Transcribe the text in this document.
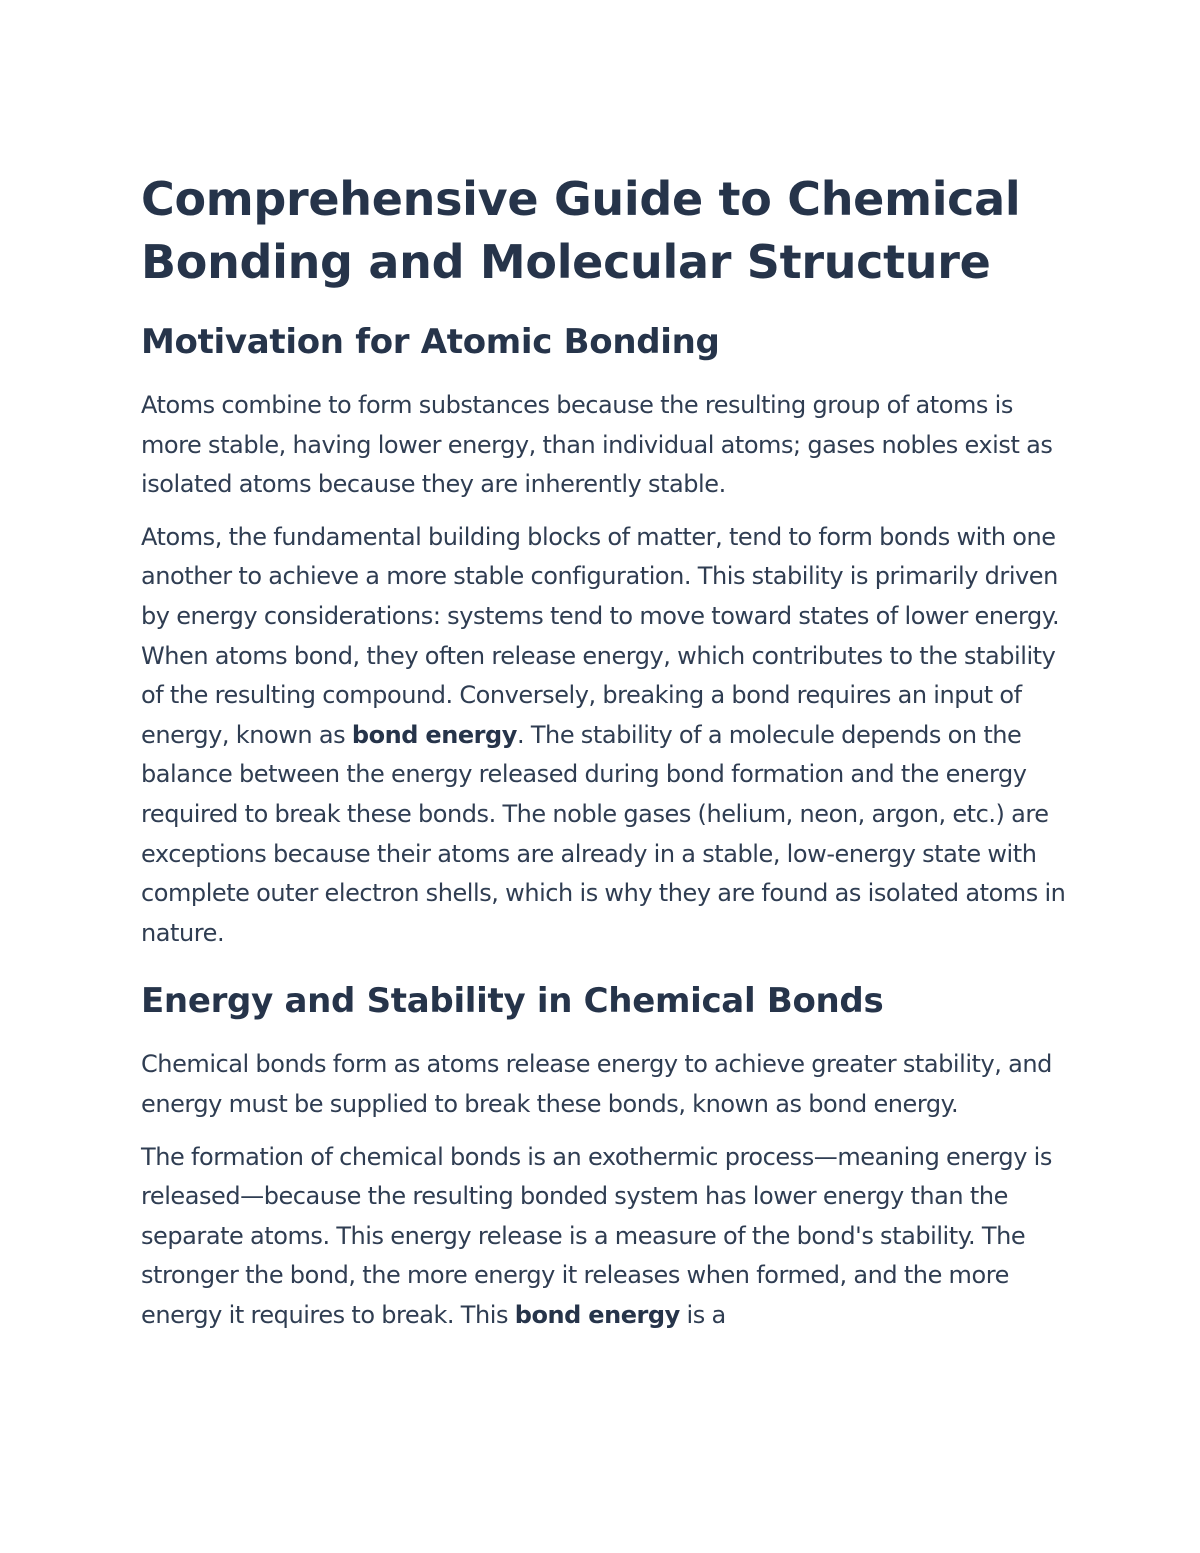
Comprehensive Guide to Chemical Bonding and Molecular Structure
Motivation for Atomic Bonding

Atoms combine to form substances because the resulting group of atoms is more stable, having lower energy, than individual atoms; gases nobles exist as isolated atoms because they are inherently stable.

Atoms, the fundamental building blocks of matter, tend to form bonds with one another to achieve a more stable configuration. This stability is primarily driven by energy considerations: systems tend to move toward states of lower energy. When atoms bond, they often release energy, which contributes to the stability of the resulting compound. Conversely, breaking a bond requires an input of energy, known as bond energy. The stability of a molecule depends on the balance between the energy released during bond formation and the energy required to break these bonds. The noble gases (helium, neon, argon, etc.) are exceptions because their atoms are already in a stable, low-energy state with complete outer electron shells, which is why they are found as isolated atoms in nature.

Energy and Stability in Chemical Bonds

Chemical bonds form as atoms release energy to achieve greater stability, and energy must be supplied to break these bonds, known as bond energy.

The formation of chemical bonds is an exothermic process—meaning energy is released—because the resulting bonded system has lower energy than the separate atoms. This energy release is a measure of the bond's stability. The stronger the bond, the more energy it releases when formed, and the more energy it requires to break. This bond energy is a
